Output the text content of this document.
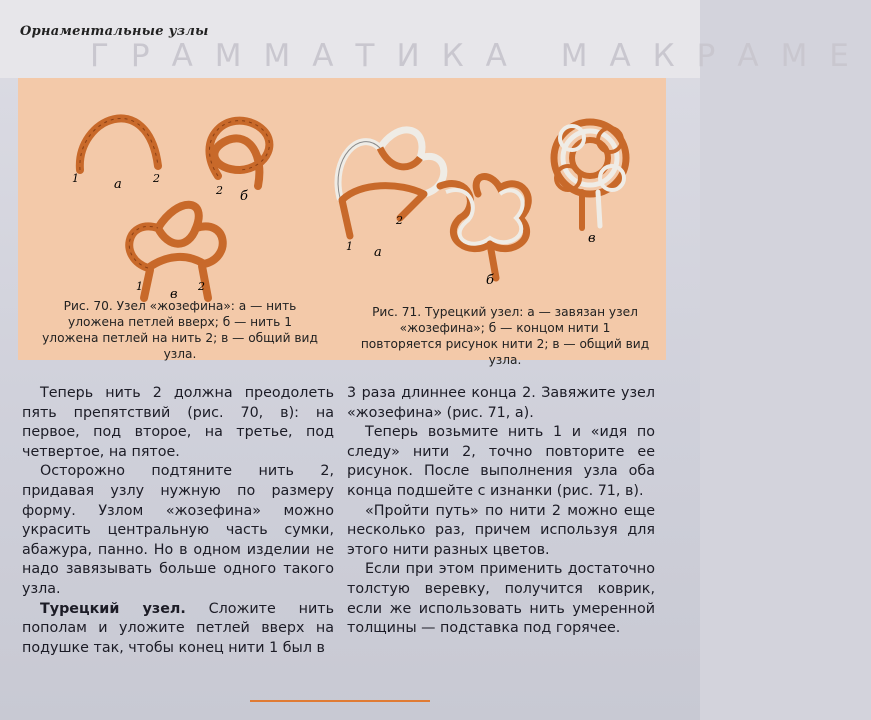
Орнаментальные узлы
ГРАММАТИКА МАКРАМЕ
1	а	2
2 б
1	2
в
2
1 а
б
в
Рис. 70. Узел «жозефина»: а — нить уложена петлей вверх; б — нить 1 уложена петлей на нить 2; в — общий вид узла.
Рис. 71. Турецкий узел: а — завязан узел «жозефина»; б — концом нити 1 повторяется рисунок нити 2; в — общий вид узла.

Теперь нить 2 должна преодолеть пять препятствий (рис. 70, в): на первое, под второе, на третье, под четвертое, на пятое.

Осторожно подтяните нить 2, придавая узлу нужную по размеру форму. Узлом «жозефина» можно украсить центральную часть сумки, абажура, панно. Но в одном изделии не надо завязывать больше одного такого узла.

Турецкий узел. Сложите нить пополам и уложите петлей вверх на подушке так, чтобы конец нити 1 был в

3 раза длиннее конца 2. Завяжите узел «жозефина» (рис. 71, а).

Теперь возьмите нить 1 и «идя по следу» нити 2, точно повторите ее рисунок. После выполнения узла оба конца подшейте с изнанки (рис. 71, в).

«Пройти путь» по нити 2 можно еще несколько раз, причем используя для этого нити разных цветов.

Если при этом применить достаточно толстую веревку, получится коврик, если же использовать нить умеренной толщины — подставка под горячее.
